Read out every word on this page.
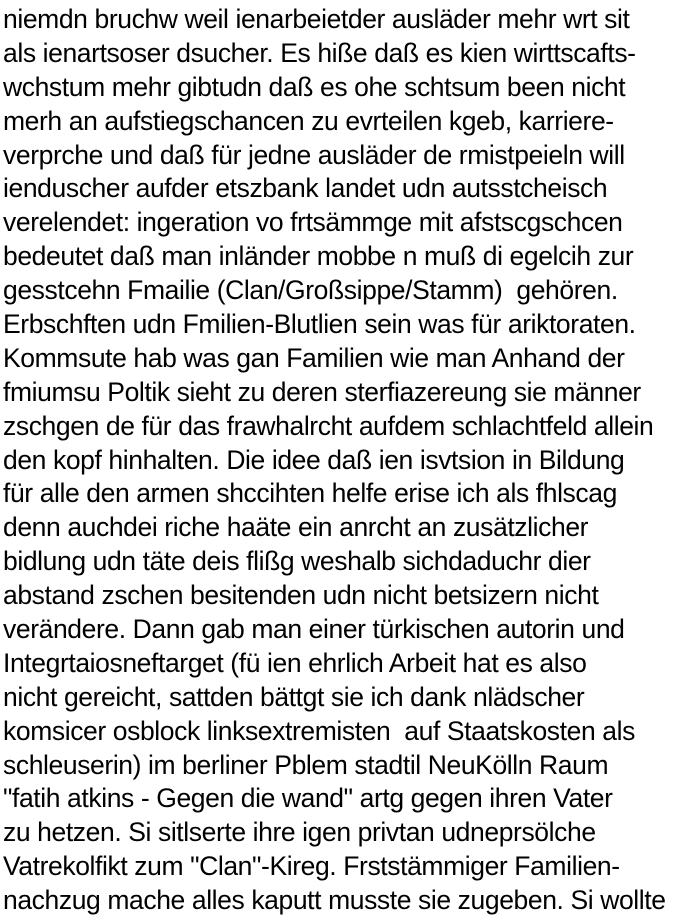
niemdn bruchw weil ienarbeietder ausläder mehr wrt sit
als ienartsoser dsucher. Es hiße daß es kien wirttscafts-
wchstum mehr gibtudn daß es ohe schtsum been nicht
merh an aufstiegschancen zu evrteilen kgeb, karriere-
verprche und daß für jedne ausläder de rmistpeieln will
ienduscher aufder etszbank landet udn autsstcheisch
verelendet: ingeration vo frtsämmge mit afstscgschcen
bedeutet daß man inländer mobbe n muß di egelcih zur
gesstcehn Fmailie (Clan/Großsippe/Stamm)  gehören.
Erbschften udn Fmilien-Blutlien sein was für ariktoraten.
Kommsute hab was gan Familien wie man Anhand der
fmiumsu Poltik sieht zu deren sterfiazereung sie männer
zschgen de für das frawhalrcht aufdem schlachtfeld allein
den kopf hinhalten. Die idee daß ien isvtsion in Bildung
für alle den armen shccihten helfe erise ich als fhlscag
denn auchdei riche haäte ein anrcht an zusätzlicher
bidlung udn täte deis flißg weshalb sichdaduchr dier
abstand zschen besitenden udn nicht betsizern nicht
verändere. Dann gab man einer türkischen autorin und
Integrtaiosneftarget (fü ien ehrlich Arbeit hat es also
nicht gereicht, sattden bättgt sie ich dank nlädscher
komsicer osblock linksextremisten  auf Staatskosten als
schleuserin) im berliner Pblem stadtil NeuKölln Raum
"fatih atkins - Gegen die wand" artg gegen ihren Vater
zu hetzen. Si sitlserte ihre igen privtan udneprsölche
Vatrekolfikt zum "Clan"-Kireg. Frststämmiger Familien-
nachzug mache alles kaputt musste sie zugeben. Si wollte
